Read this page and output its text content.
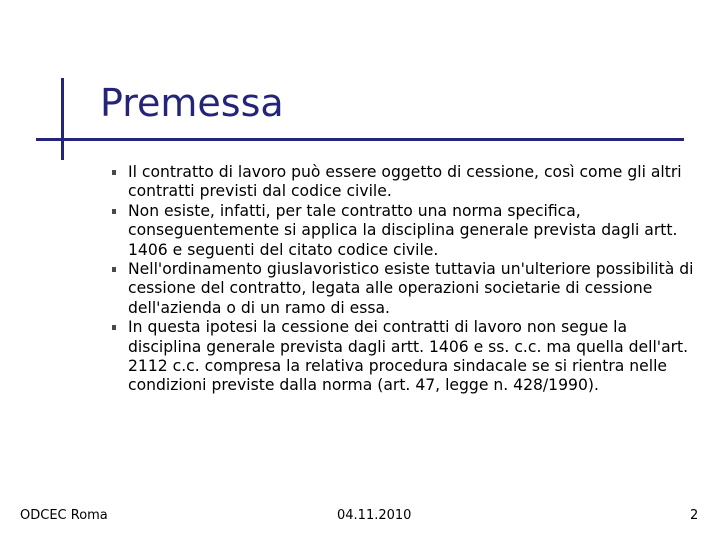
Premessa
Il contratto di lavoro può essere oggetto di cessione, così come gli altri contratti previsti dal codice civile.
Non esiste, infatti, per tale contratto una norma specifica, conseguentemente si applica la disciplina generale prevista dagli artt. 1406 e seguenti del citato codice civile.
Nell'ordinamento giuslavoristico esiste tuttavia un'ulteriore possibilità di cessione del contratto, legata alle operazioni societarie di cessione dell'azienda o di un ramo di essa.
In questa ipotesi la cessione dei contratti di lavoro non segue la disciplina generale prevista dagli artt. 1406 e ss. c.c. ma quella dell'art. 2112 c.c. compresa la relativa procedura sindacale se si rientra nelle condizioni previste dalla norma (art. 47, legge n. 428/1990).
ODCEC Roma	04.11.2010	2
